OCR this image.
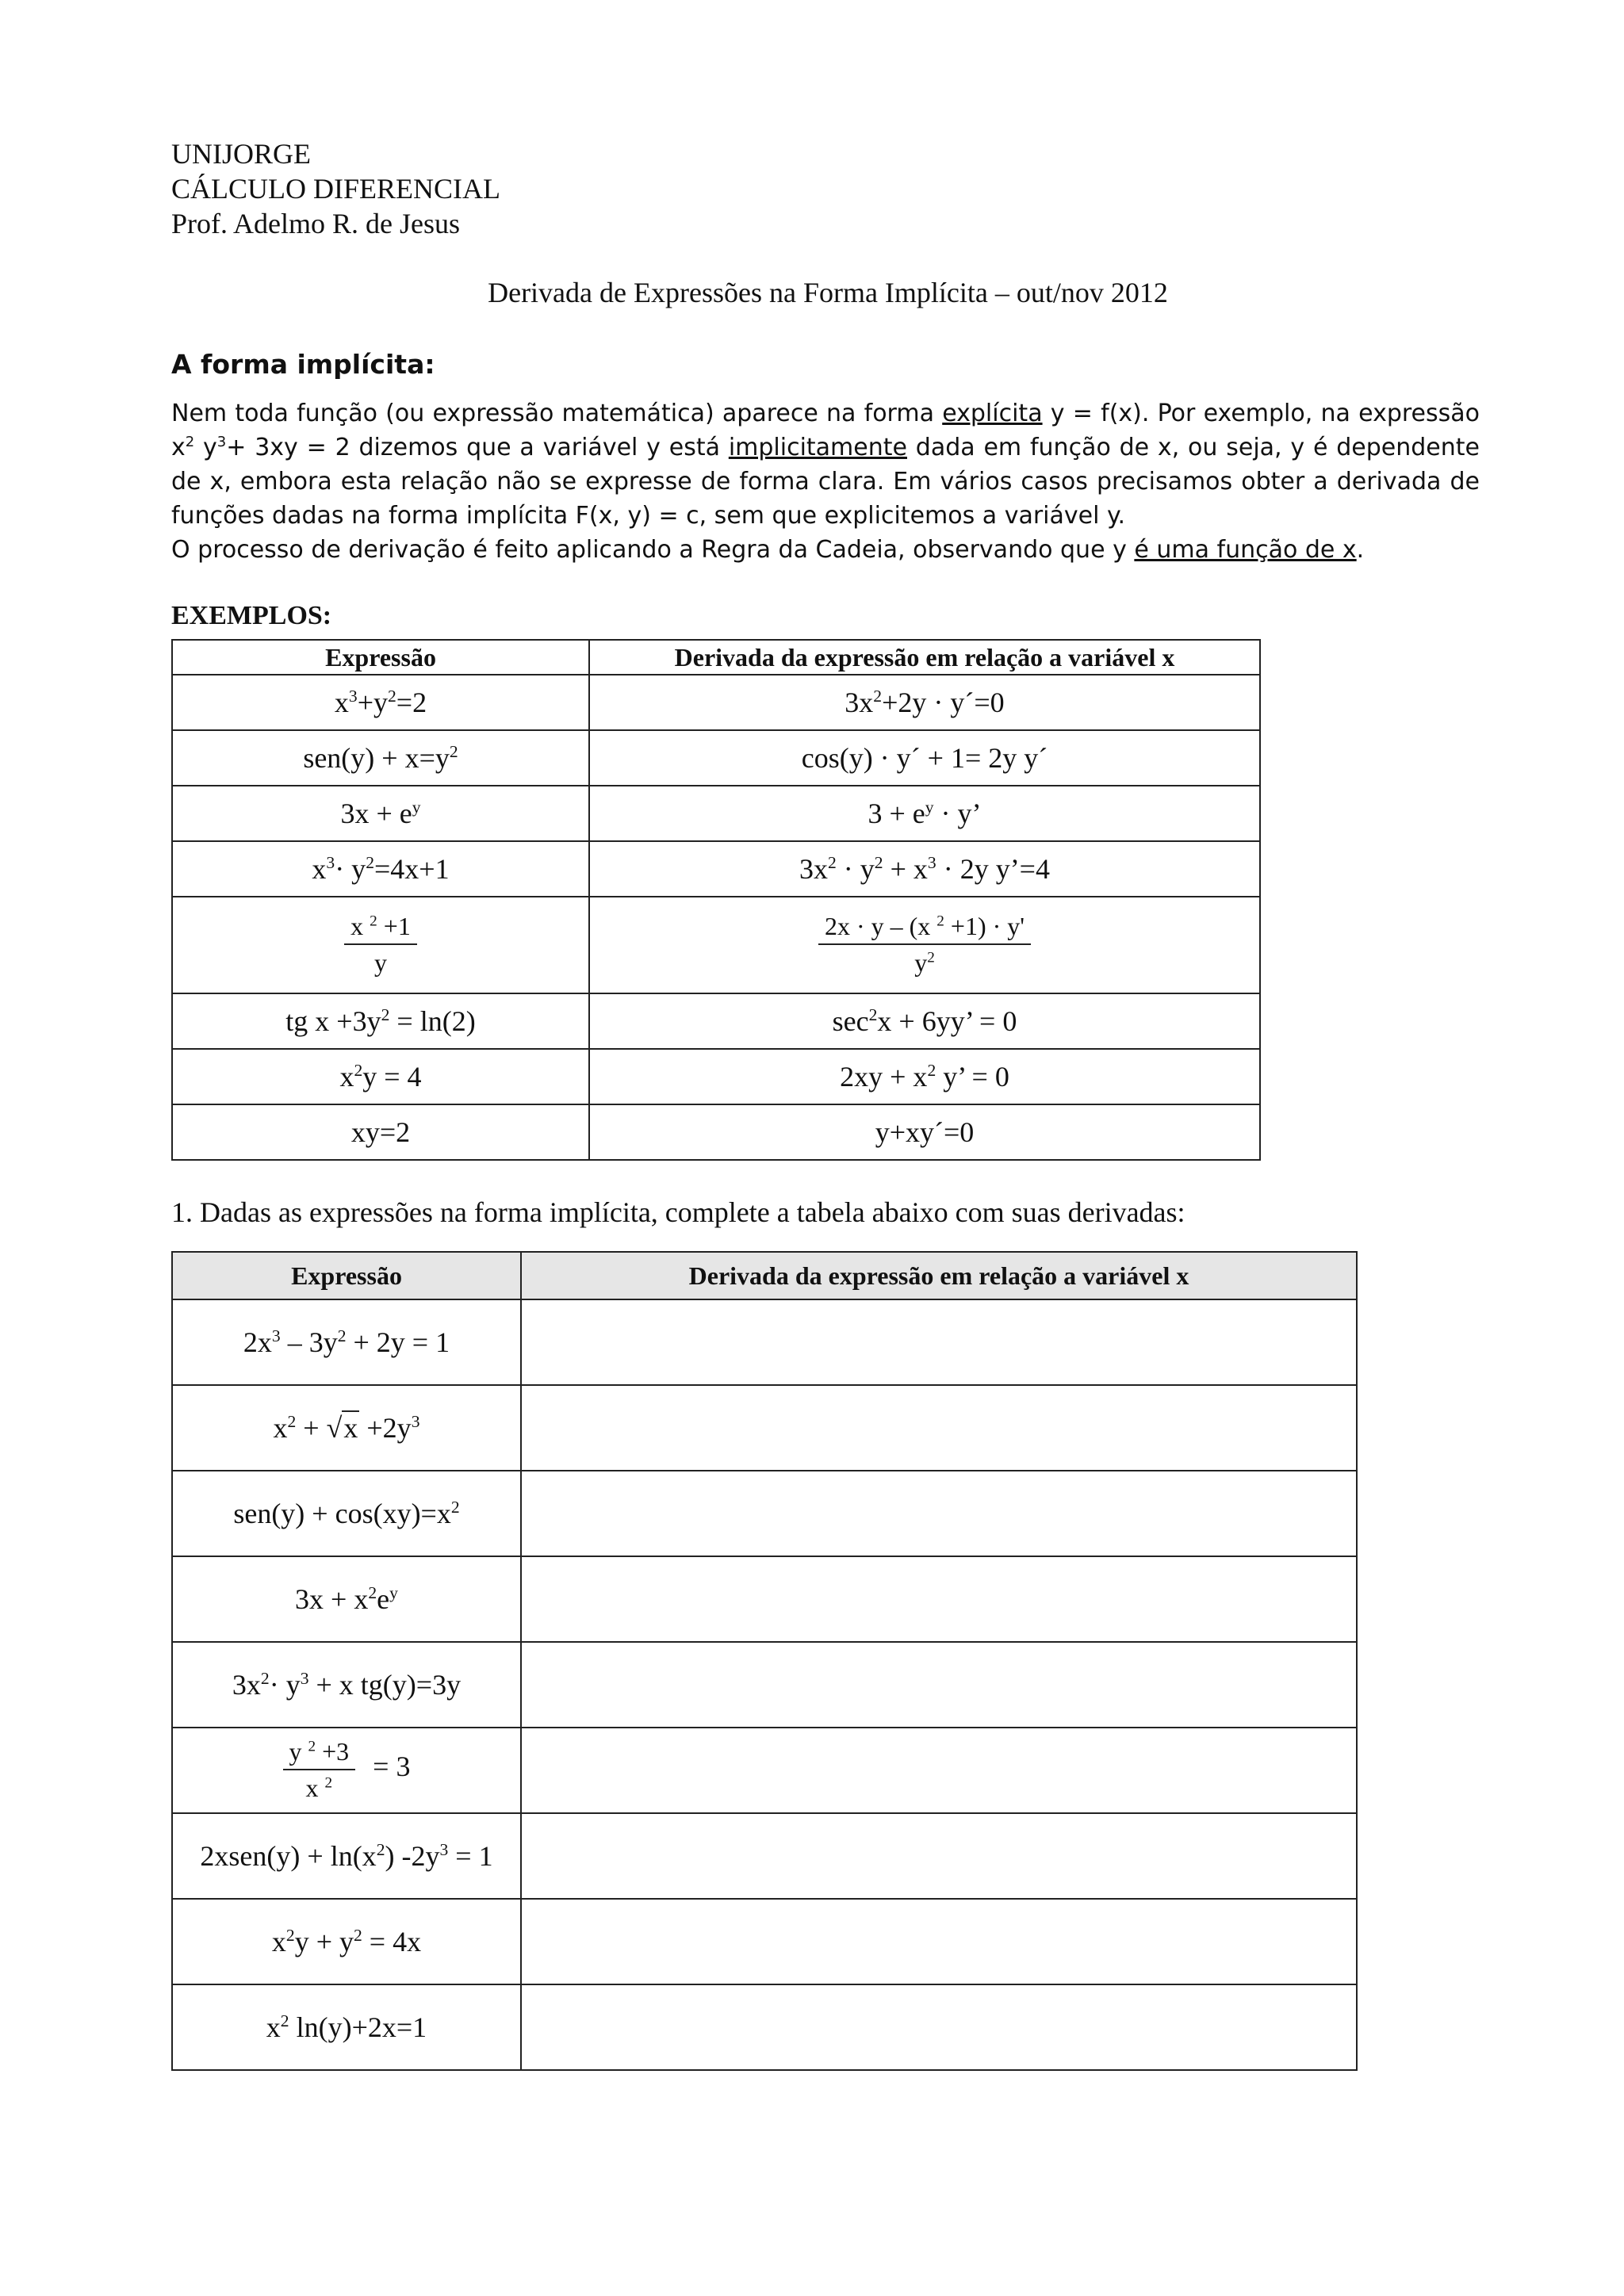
UNIJORGE
CÁLCULO DIFERENCIAL
Prof. Adelmo R. de Jesus
Derivada de Expressões na Forma Implícita – out/nov 2012
A forma implícita:

Nem toda função (ou expressão matemática) aparece na forma explícita y = f(x). Por exemplo, na expressão $x^2$ $y^3+ 3xy = 2$ dizemos que a variável y está implicitamente dada em função de x, ou seja, y é dependente de x, embora esta relação não se expresse de forma clara. Em vários casos precisamos obter a derivada de funções dadas na forma implícita F(x, y) = c, sem que explicitemos a variável y.

O processo de derivação é feito aplicando a Regra da Cadeia, observando que y é uma função de x.

EXEMPLOS:
Expressão	Derivada da expressão em relação a variável x
$x^3+y^2=2$	$3x^2+2y$ · y´=0
$sen(y) + x=y^2$	cos(y) · y´ + 1= 2y y´
$3x + e^y$	$3 + e^y \cdot y$’
$x^3\cdot y^2=4x+1$	$3x^2 \cdot y^2 + x^3 \cdot 2y$ y’=4

$\frac{x ^2 +1}{y}$	$\frac{2x \cdot y - (x ^2 +1) \cdot y'}{y^2}$

tg $x +3y^2 = \ln(2)$	$\sec^2x + 6yy$’ = 0
$x^2y = 4$	$2xy + x^2$ y’ = 0
xy=2	y+xy´=0
1. Dadas as expressões na forma implícita, complete a tabela abaixo com suas derivadas:
Expressão	Derivada da expressão em relação a variável x
$2x^3 - 3y^2 + 2y = 1$	
$x^2 + √x +2y^3$	
$sen(y) + \cos(xy)=x^2$	
$3x + x^2e^y$	
$3x^2\cdot y^3 + x$ tg(y)=3y	

$\frac{y ^2 +3}{x ^2} = 3$	
2xsen(y) + $\ln(x^2) -2y^3 = 1$	
$x^2y + y^2 = 4x$	
$x^2$ ln(y)+2x=1	
